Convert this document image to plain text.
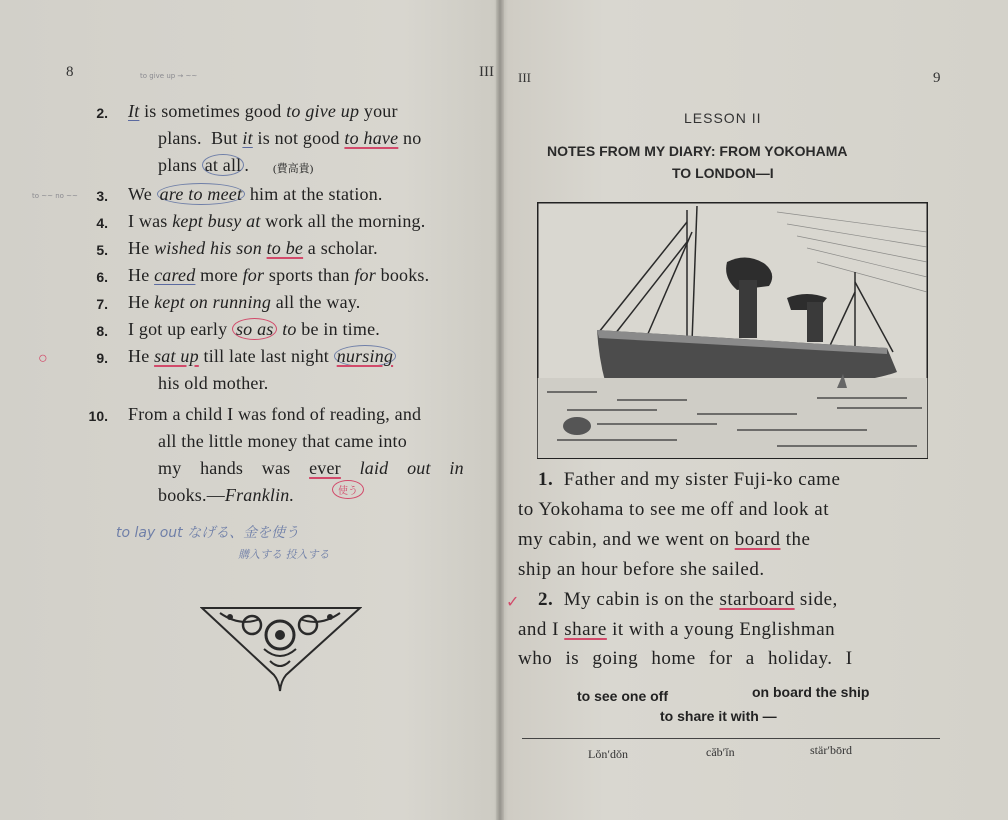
8	III
to give up → ~~
2. It is sometimes good to give up your
plans.  But it is not good to have no
plans at all . (費高貴)
to ~~ no ~~	3. We are to meet him at the station.
4. I was kept busy at work all the morning.
5. He wished his son to be a scholar.
6. He cared more for sports than for books.
7. He kept on running all the way.
8. I got up early so as to be in time.
○	9. He sat up till late last night nursing
his old mother.
10. From a child I was fond of reading, and
all the little money that came into
my hands was ever laid out in
books.—Franklin.	使う
to lay out なげる、金を使う
購入する 投入する
III	9
LESSON II
NOTES FROM MY DIARY: FROM YOKOHAMA
TO LONDON—I
1.  Father and my sister Fuji-ko came
to Yokohama to see me off and look at
my cabin, and we went on board the
ship an hour before she sailed.
✓ 2.  My cabin is on the starboard side,
and I share it with a young Englishman
who is going home for a holiday. I
to see one off	on board the ship
to share it with —
Lŏn′dǒn	căb′ĭn	stär′bōrd
